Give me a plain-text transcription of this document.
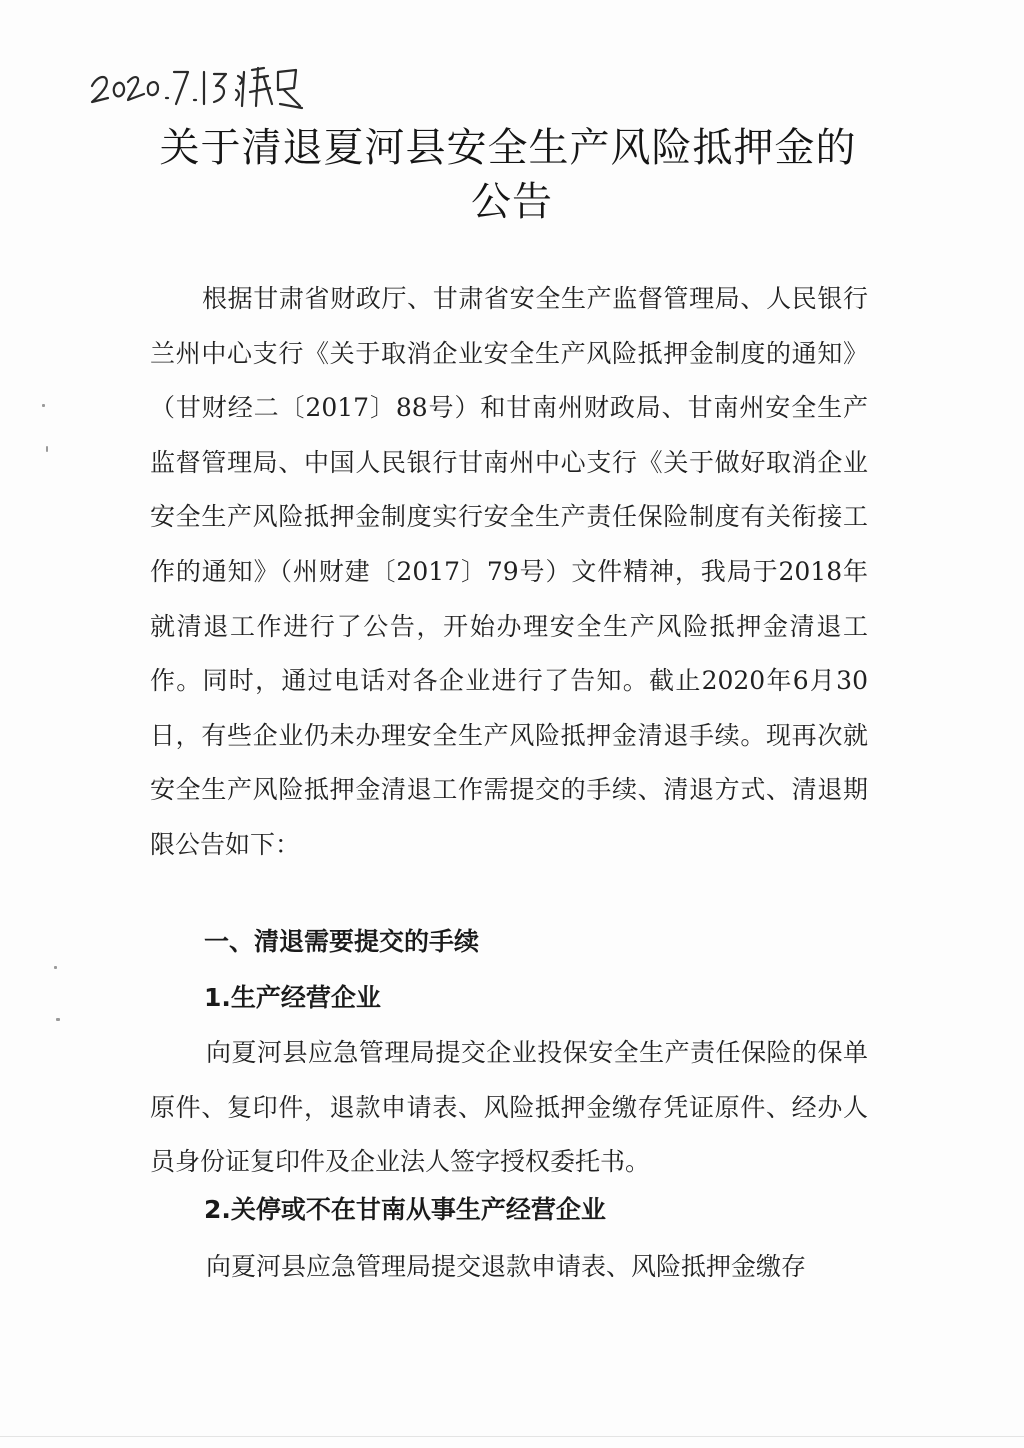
关于清退夏河县安全生产风险抵押金的
公告
根据甘肃省财政厅、甘肃省安全生产监督管理局、人民银行兰州中心支行《关于取消企业安全生产风险抵押金制度的通知》（甘财经二〔2017〕88号）和甘南州财政局、甘南州安全生产监督管理局、中国人民银行甘南州中心支行《关于做好取消企业安全生产风险抵押金制度实行安全生产责任保险制度有关衔接工作的通知》（州财建〔2017〕79号）文件精神，我局于2018年就清退工作进行了公告，开始办理安全生产风险抵押金清退工作。同时，通过电话对各企业进行了告知。截止2020年6月30日，有些企业仍未办理安全生产风险抵押金清退手续。现再次就安全生产风险抵押金清退工作需提交的手续、清退方式、清退期限公告如下：
一、清退需要提交的手续
1.生产经营企业
向夏河县应急管理局提交企业投保安全生产责任保险的保单原件、复印件，退款申请表、风险抵押金缴存凭证原件、经办人员身份证复印件及企业法人签字授权委托书。
2.关停或不在甘南从事生产经营企业
向夏河县应急管理局提交退款申请表、风险抵押金缴存
